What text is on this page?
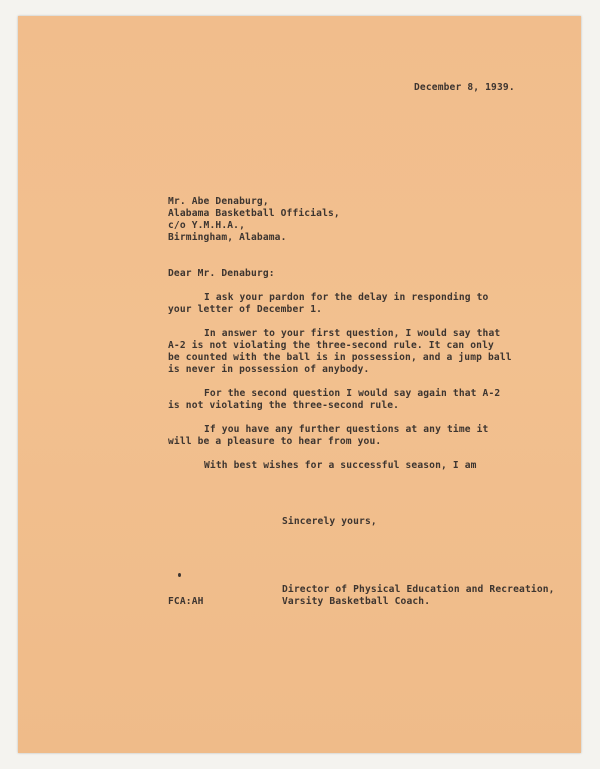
December 8, 1939.

Mr. Abe Denaburg,

Alabama Basketball Officials,

c/o Y.M.H.A.,

Birmingham, Alabama.

Dear Mr. Denaburg:

I ask your pardon for the delay in responding to

your letter of December 1.

In answer to your first question, I would say that

A-2 is not violating the three-second rule. It can only

be counted with the ball is in possession, and a jump ball

is never in possession of anybody.

For the second question I would say again that A-2

is not violating the three-second rule.

If you have any further questions at any time it

will be a pleasure to hear from you.

With best wishes for a successful season, I am

Sincerely yours,

Director of Physical Education and Recreation,

Varsity Basketball Coach.

FCA:AH
